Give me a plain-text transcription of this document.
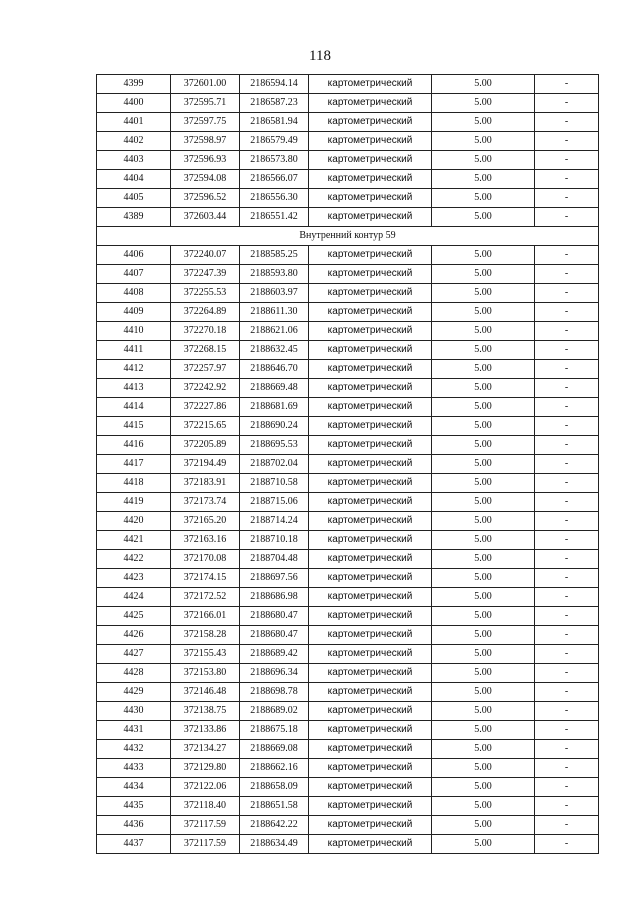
118
4399	372601.00	2186594.14	картометрический	5.00	-
4400	372595.71	2186587.23	картометрический	5.00	-
4401	372597.75	2186581.94	картометрический	5.00	-
4402	372598.97	2186579.49	картометрический	5.00	-
4403	372596.93	2186573.80	картометрический	5.00	-
4404	372594.08	2186566.07	картометрический	5.00	-
4405	372596.52	2186556.30	картометрический	5.00	-
4389	372603.44	2186551.42	картометрический	5.00	-
Внутренний контур 59					
4406	372240.07	2188585.25	картометрический	5.00	-
4407	372247.39	2188593.80	картометрический	5.00	-
4408	372255.53	2188603.97	картометрический	5.00	-
4409	372264.89	2188611.30	картометрический	5.00	-
4410	372270.18	2188621.06	картометрический	5.00	-
4411	372268.15	2188632.45	картометрический	5.00	-
4412	372257.97	2188646.70	картометрический	5.00	-
4413	372242.92	2188669.48	картометрический	5.00	-
4414	372227.86	2188681.69	картометрический	5.00	-
4415	372215.65	2188690.24	картометрический	5.00	-
4416	372205.89	2188695.53	картометрический	5.00	-
4417	372194.49	2188702.04	картометрический	5.00	-
4418	372183.91	2188710.58	картометрический	5.00	-
4419	372173.74	2188715.06	картометрический	5.00	-
4420	372165.20	2188714.24	картометрический	5.00	-
4421	372163.16	2188710.18	картометрический	5.00	-
4422	372170.08	2188704.48	картометрический	5.00	-
4423	372174.15	2188697.56	картометрический	5.00	-
4424	372172.52	2188686.98	картометрический	5.00	-
4425	372166.01	2188680.47	картометрический	5.00	-
4426	372158.28	2188680.47	картометрический	5.00	-
4427	372155.43	2188689.42	картометрический	5.00	-
4428	372153.80	2188696.34	картометрический	5.00	-
4429	372146.48	2188698.78	картометрический	5.00	-
4430	372138.75	2188689.02	картометрический	5.00	-
4431	372133.86	2188675.18	картометрический	5.00	-
4432	372134.27	2188669.08	картометрический	5.00	-
4433	372129.80	2188662.16	картометрический	5.00	-
4434	372122.06	2188658.09	картометрический	5.00	-
4435	372118.40	2188651.58	картометрический	5.00	-
4436	372117.59	2188642.22	картометрический	5.00	-
4437	372117.59	2188634.49	картометрический	5.00	-
